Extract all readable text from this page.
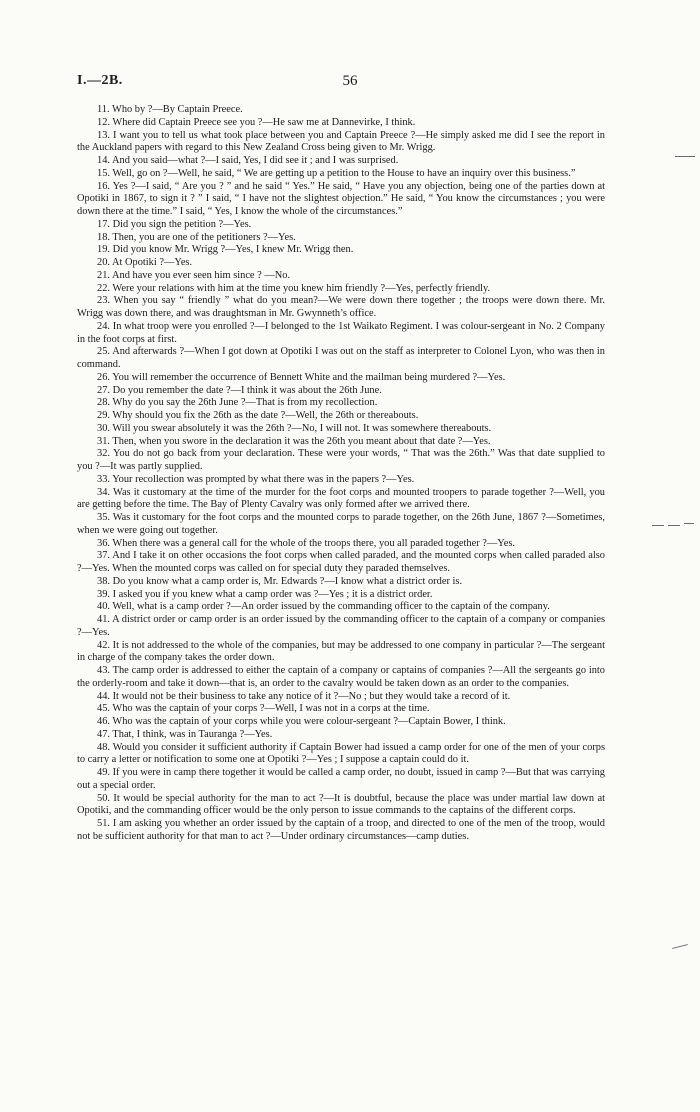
I.—2B.	56

11. Who by ?—By Captain Preece.

12. Where did Captain Preece see you ?—He saw me at Dannevirke, I think.

13. I want you to tell us what took place between you and Captain Preece ?—He simply asked me did I see the report in the Auckland papers with regard to this New Zealand Cross being given to Mr. Wrigg.

14. And you said—what ?—I said, Yes, I did see it ; and I was surprised.

15. Well, go on ?—Well, he said, “ We are getting up a petition to the House to have an inquiry over this business.”

16. Yes ?—I said, “ Are you ? ” and he said “ Yes.” He said, “ Have you any objection, being one of the parties down at Opotiki in 1867, to sign it ? ” I said, “ I have not the slightest objection.” He said, “ You know the circumstances ; you were down there at the time.” I said, “ Yes, I know the whole of the circumstances.”

17. Did you sign the petition ?—Yes.

18. Then, you are one of the petitioners ?—Yes.

19. Did you know Mr. Wrigg ?—Yes, I knew Mr. Wrigg then.

20. At Opotiki ?—Yes.

21. And have you ever seen him since ? —No.

22. Were your relations with him at the time you knew him friendly ?—Yes, perfectly friendly.

23. When you say “ friendly ” what do you mean?—We were down there together ; the troops were down there. Mr. Wrigg was down there, and was draughtsman in Mr. Gwynneth’s office.

24. In what troop were you enrolled ?—I belonged to the 1st Waikato Regiment. I was colour-sergeant in No. 2 Company in the foot corps at first.

25. And afterwards ?—When I got down at Opotiki I was out on the staff as interpreter to Colonel Lyon, who was then in command.

26. You will remember the occurrence of Bennett White and the mailman being murdered ?—Yes.

27. Do you remember the date ?—I think it was about the 26th June.

28. Why do you say the 26th June ?—That is from my recollection.

29. Why should you fix the 26th as the date ?—Well, the 26th or thereabouts.

30. Will you swear absolutely it was the 26th ?—No, I will not. It was somewhere thereabouts.

31. Then, when you swore in the declaration it was the 26th you meant about that date ?—Yes.

32. You do not go back from your declaration. These were your words, “ That was the 26th.” Was that date supplied to you ?—It was partly supplied.

33. Your recollection was prompted by what there was in the papers ?—Yes.

34. Was it customary at the time of the murder for the foot corps and mounted troopers to parade together ?—Well, you are getting before the time. The Bay of Plenty Cavalry was only formed after we arrived there.

35. Was it customary for the foot corps and the mounted corps to parade together, on the 26th June, 1867 ?—Sometimes, when we were going out together.

36. When there was a general call for the whole of the troops there, you all paraded together ?—Yes.

37. And I take it on other occasions the foot corps when called paraded, and the mounted corps when called paraded also ?—Yes. When the mounted corps was called on for special duty they paraded themselves.

38. Do you know what a camp order is, Mr. Edwards ?—I know what a district order is.

39. I asked you if you knew what a camp order was ?—Yes ; it is a district order.

40. Well, what is a camp order ?—An order issued by the commanding officer to the captain of the company.

41. A district order or camp order is an order issued by the commanding officer to the captain of a company or companies ?—Yes.

42. It is not addressed to the whole of the companies, but may be addressed to one company in particular ?—The sergeant in charge of the company takes the order down.

43. The camp order is addressed to either the captain of a company or captains of companies ?—All the sergeants go into the orderly-room and take it down—that is, an order to the cavalry would be taken down as an order to the companies.

44. It would not be their business to take any notice of it ?—No ; but they would take a record of it.

45. Who was the captain of your corps ?—Well, I was not in a corps at the time.

46. Who was the captain of your corps while you were colour-sergeant ?—Captain Bower, I think.

47. That, I think, was in Tauranga ?—Yes.

48. Would you consider it sufficient authority if Captain Bower had issued a camp order for one of the men of your corps to carry a letter or notification to some one at Opotiki ?—Yes ; I suppose a captain could do it.

49. If you were in camp there together it would be called a camp order, no doubt, issued in camp ?—But that was carrying out a special order.

50. It would be special authority for the man to act ?—It is doubtful, because the place was under martial law down at Opotiki, and the commanding officer would be the only person to issue commands to the captains of the different corps.

51. I am asking you whether an order issued by the captain of a troop, and directed to one of the men of the troop, would not be sufficient authority for that man to act ?—Under ordinary circumstances—camp duties.
